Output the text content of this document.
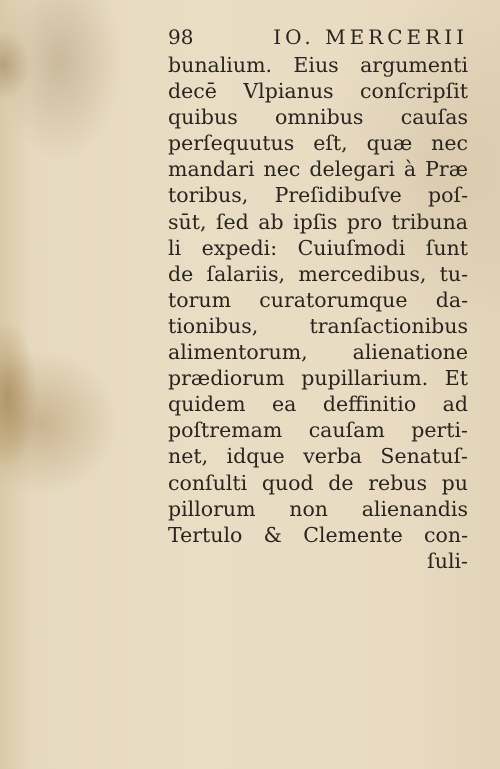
98	IO. MERCERII
bunalium. Eius argumenti
decē Vlpianus conſcripſit
quibus omnibus cauſas
perſequutus eſt, quæ nec
mandari nec delegari à Præ
toribus, Preſidibuſve poſ-
sūt, ſed ab ipſis pro tribuna
li expedi: Cuiuſmodi ſunt
de ſalariis, mercedibus, tu-
torum curatorumque da-
tionibus, tranſactionibus
alimentorum, alienatione
prædiorum pupillarium. Et
quidem ea deffinitio ad
poſtremam cauſam perti-
net, idque verba Senatuſ-
conſulti quod de rebus pu
pillorum non alienandis
Tertulo & Clemente con-
ſuli-
